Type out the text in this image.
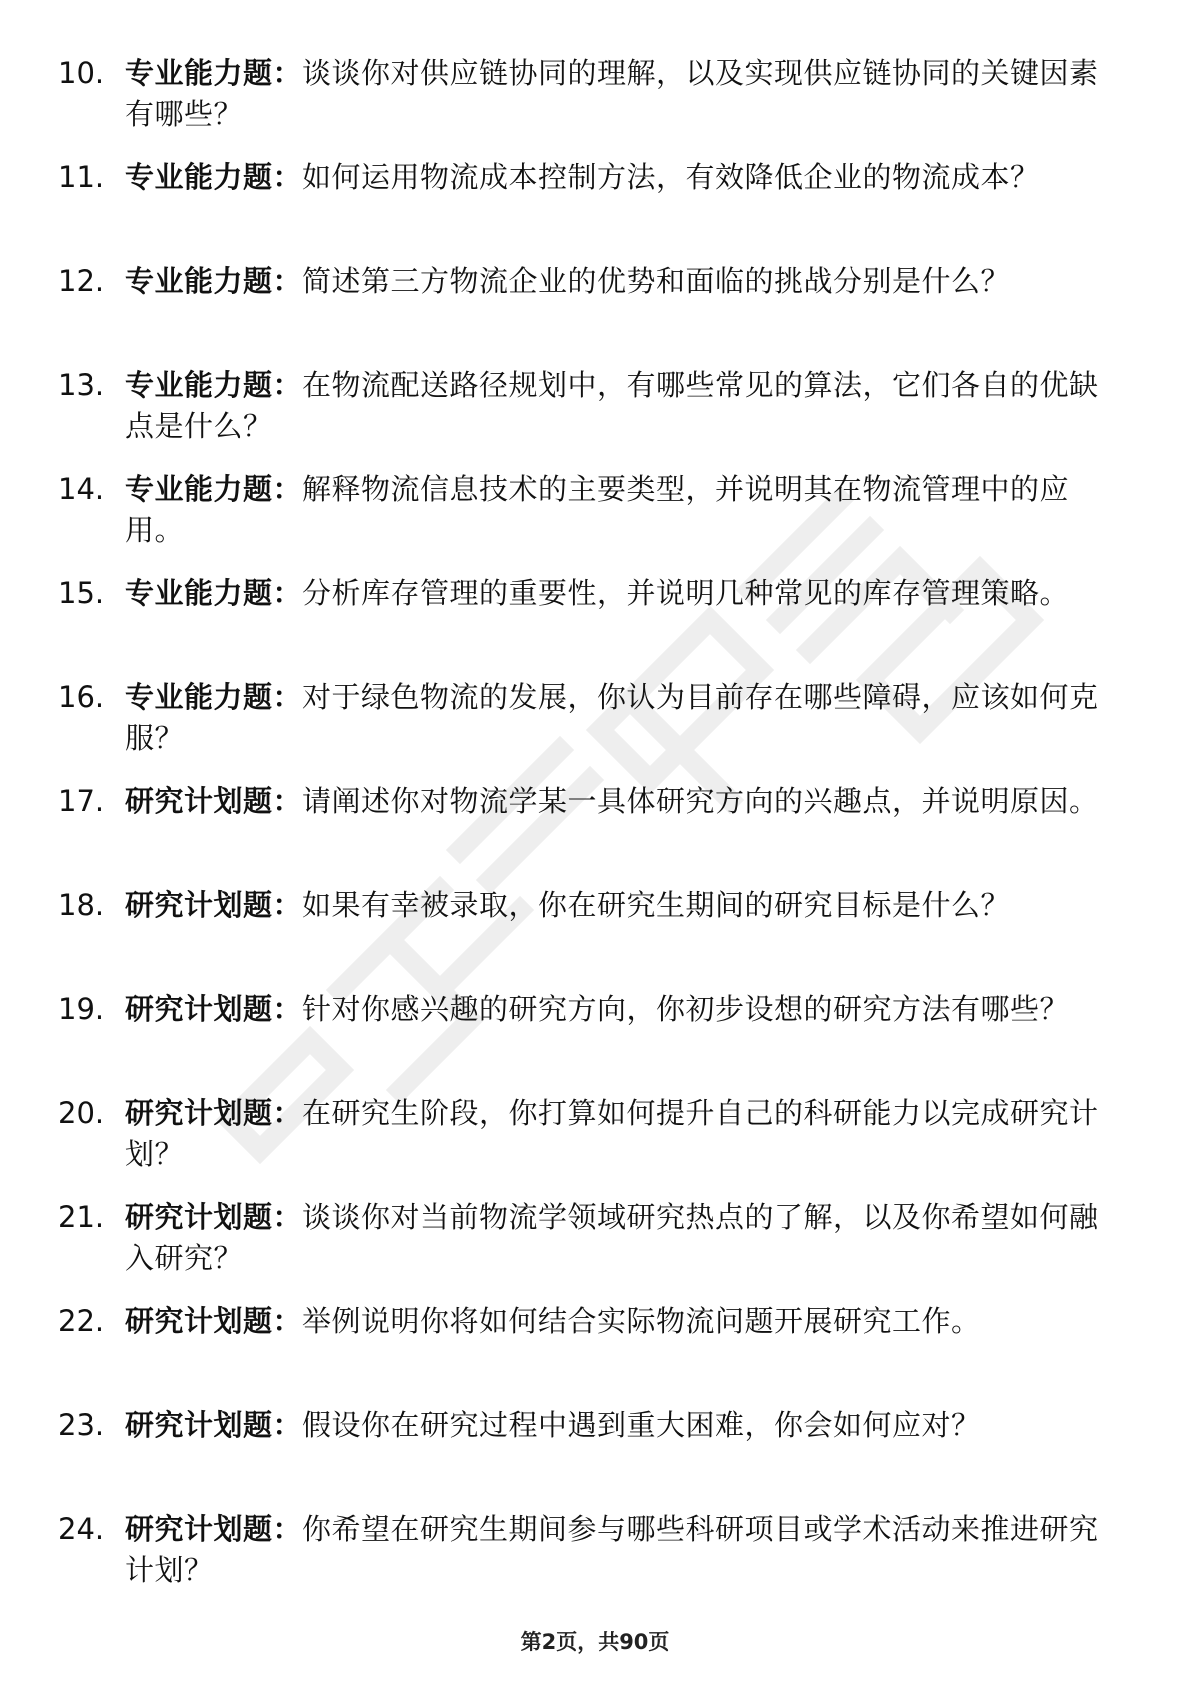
10. 专业能力题：谈谈你对供应链协同的理解，以及实现供应链协同的关键因素有哪些？
11. 专业能力题：如何运用物流成本控制方法，有效降低企业的物流成本？
12. 专业能力题：简述第三方物流企业的优势和面临的挑战分别是什么？
13. 专业能力题：在物流配送路径规划中，有哪些常见的算法，它们各自的优缺点是什么？
14. 专业能力题：解释物流信息技术的主要类型，并说明其在物流管理中的应用。
15. 专业能力题：分析库存管理的重要性，并说明几种常见的库存管理策略。
16. 专业能力题：对于绿色物流的发展，你认为目前存在哪些障碍，应该如何克服？
17. 研究计划题：请阐述你对物流学某一具体研究方向的兴趣点，并说明原因。
18. 研究计划题：如果有幸被录取，你在研究生期间的研究目标是什么？
19. 研究计划题：针对你感兴趣的研究方向，你初步设想的研究方法有哪些？
20. 研究计划题：在研究生阶段，你打算如何提升自己的科研能力以完成研究计划？
21. 研究计划题：谈谈你对当前物流学领域研究热点的了解，以及你希望如何融入研究？
22. 研究计划题：举例说明你将如何结合实际物流问题开展研究工作。
23. 研究计划题：假设你在研究过程中遇到重大困难，你会如何应对？
24. 研究计划题：你希望在研究生期间参与哪些科研项目或学术活动来推进研究计划？
第2页，共90页
